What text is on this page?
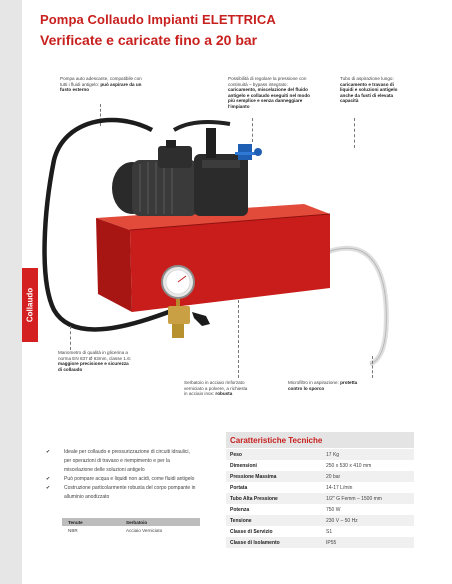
Collaudo
Pompa Collaudo Impianti ELETTRICA
Verificate e caricate fino a 20 bar
Pompa auto adescante, compatibile con tutti i fluidi antigelo: può aspirare da un fusto esterno
Possibilità di regolare la pressione con continuità – bypass integrato: caricamento, miscelazione del fluido antigelo e collaudo eseguiti nel modo più semplice e senza danneggiare l'impianto
Tubo di aspirazione lungo: caricamento e travaso di liquidi e soluzioni antigelo anche da fusti di elevata capacità
Manometro di qualità in glicerina a norma EN 837 Ø 63mm, classe 1.6: maggiore precisione e sicurezza di collaudo
Serbatoio in acciaio rinforzato verniciato a polvere, a richiesta in acciaio inox: robusta
Microfiltro in aspirazione: protetta contro lo sporco
✔	Ideale per collaudo e pressurizzazione di circuiti idraulici,
per operazioni di travaso e riempimento e per la
miscelazione delle soluzioni antigelo
✔	Può pompare acqua e liquidi non acidi, come fluidi antigelo
✔	Costruzione particolarmente robusta del corpo pompante in
alluminio anodizzato
Tenute	Serbatoio
NBR	Acciaio Verniciato
Caratteristiche Tecniche
Peso	17 Kg
Dimensioni	250 x 530 x 410 mm
Pressione Massima	20 bar
Portata	14-17 L/min
Tubo Alta Pressione	1/2" G Femm – 1500 mm
Potenza	750 W
Tensione	230 V – 50 Hz
Classe di Servizio	S1
Classe di Isolamento	IP55
